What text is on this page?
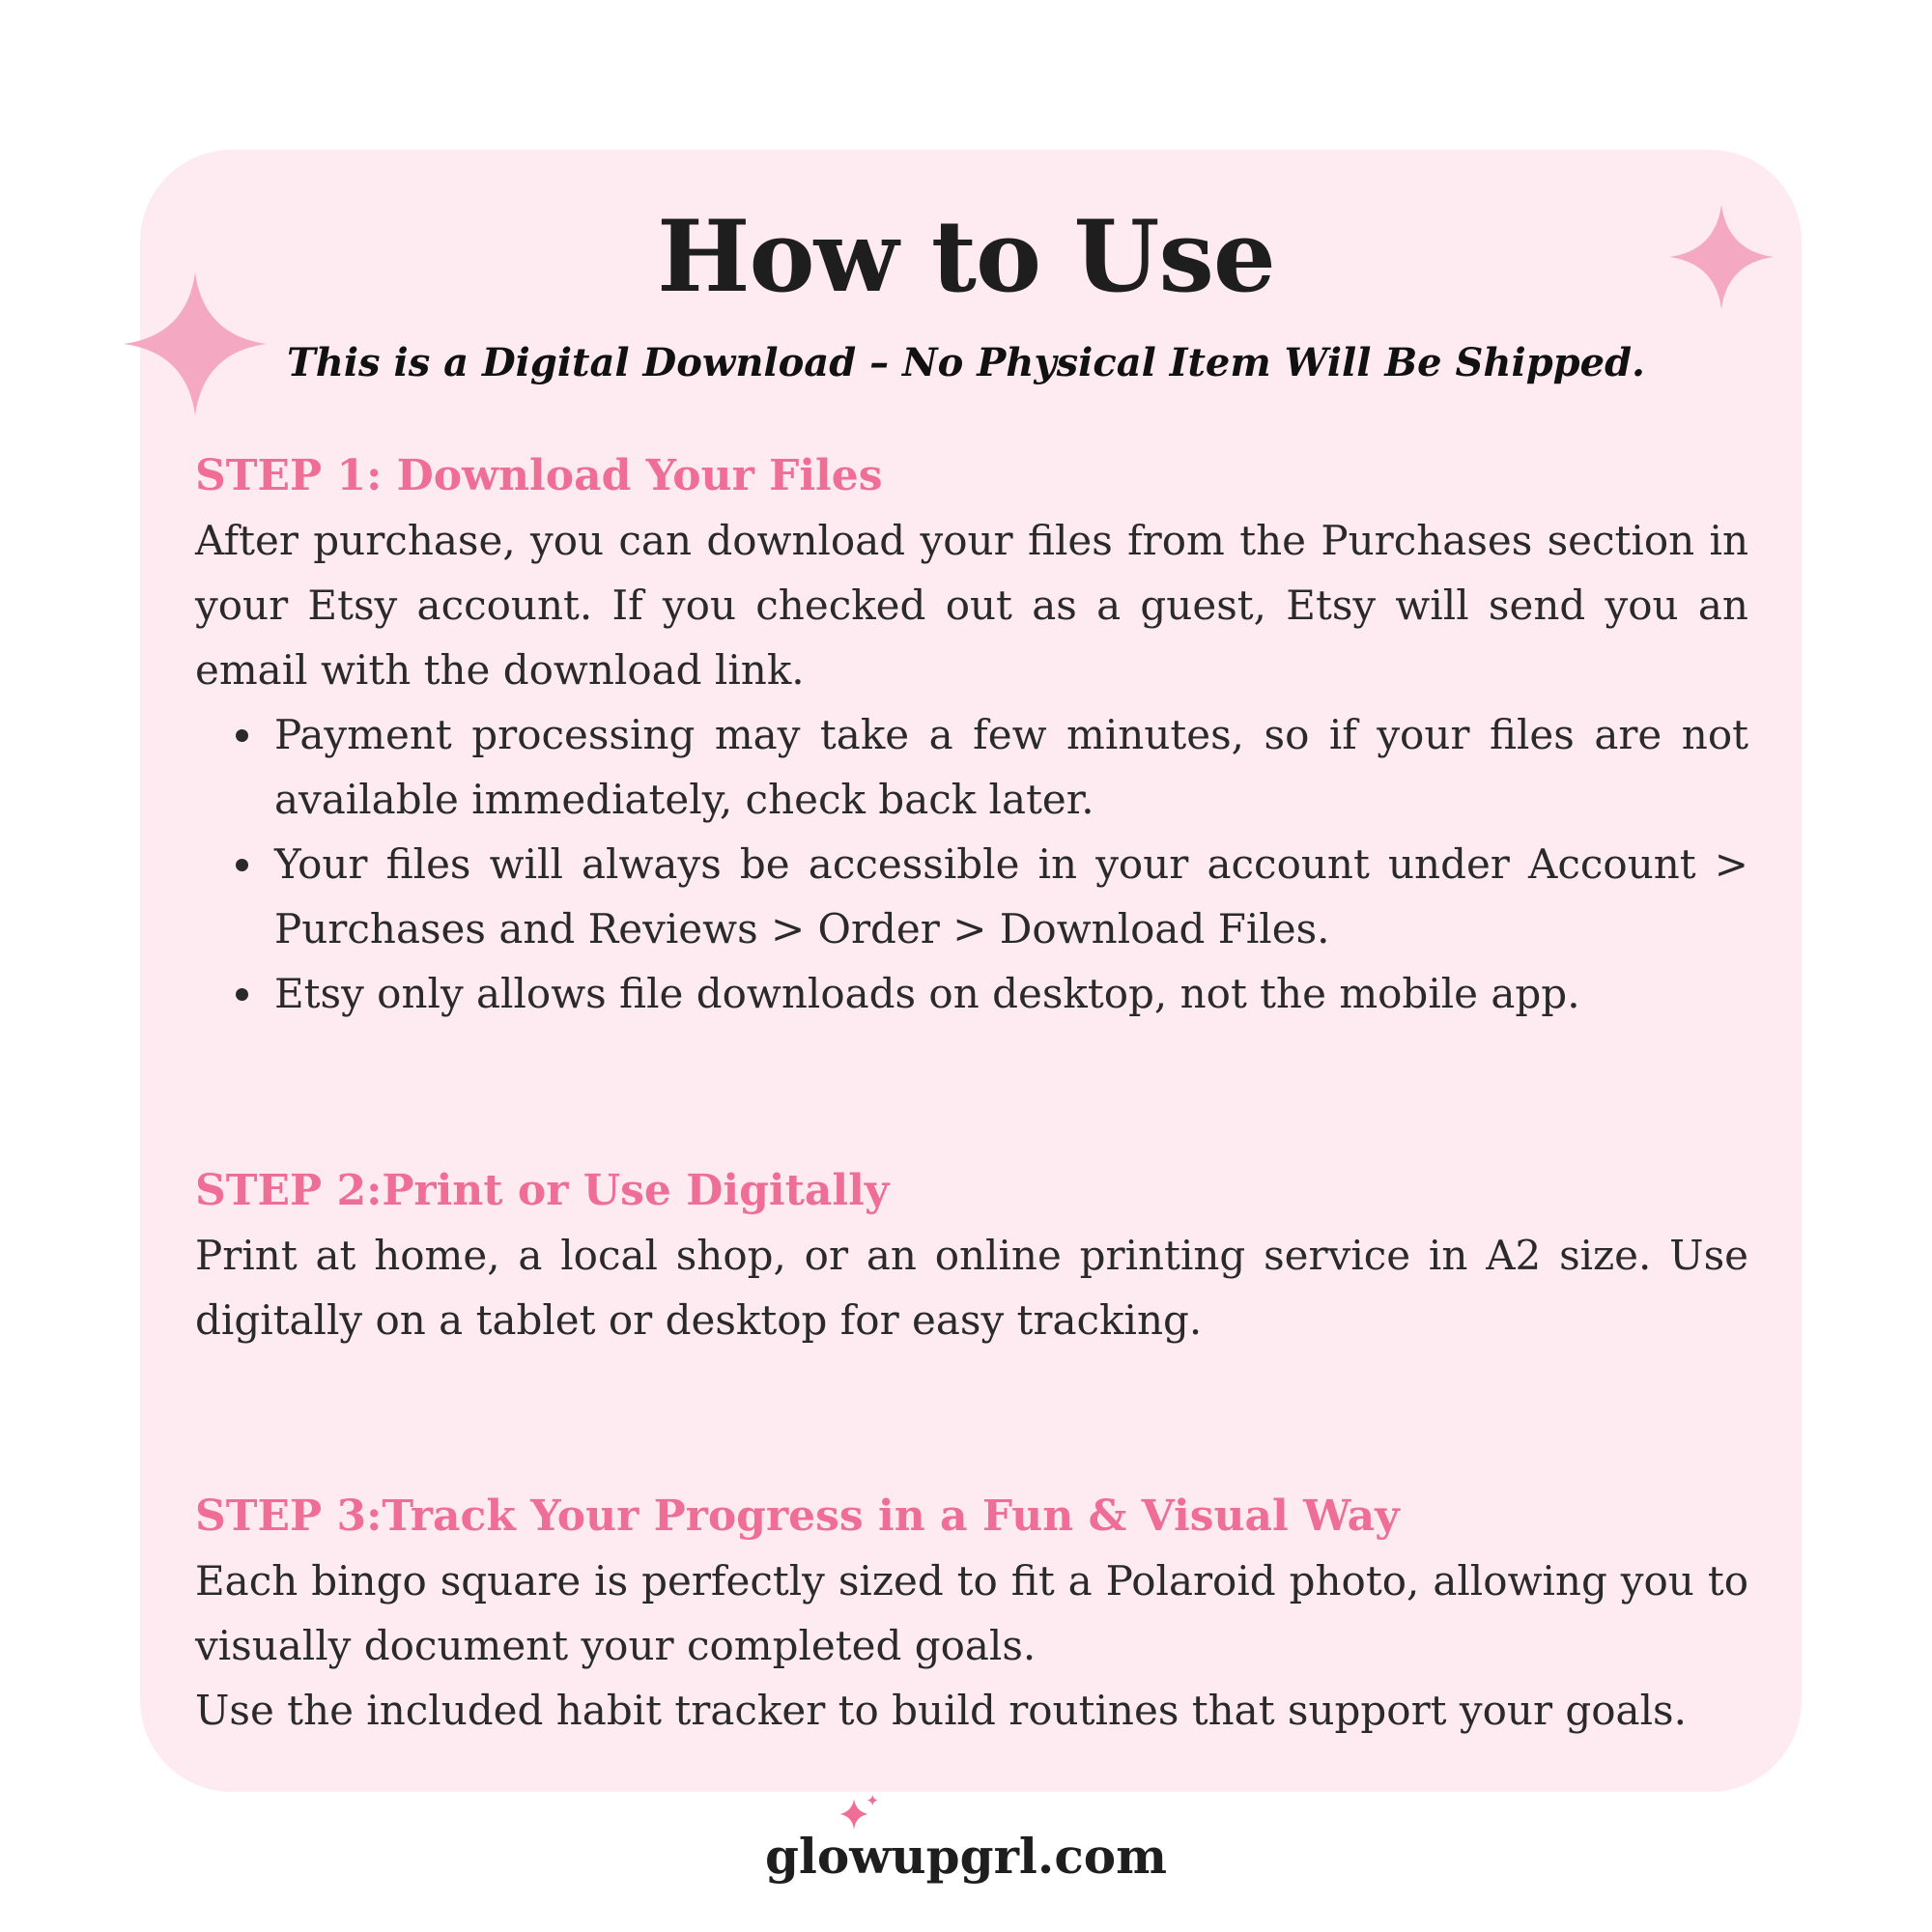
How to Use

This is a Digital Download – No Physical Item Will Be Shipped.

STEP 1: Download Your Files

After purchase, you can download your files from the Purchases section in your Etsy account. If you checked out as a guest, Etsy will send you an email with the download link.

Payment processing may take a few minutes, so if your files are not available immediately, check back later.
Your files will always be accessible in your account under Account > Purchases and Reviews > Order > Download Files.
Etsy only allows file downloads on desktop, not the mobile app.
STEP 2:Print or Use Digitally

Print at home, a local shop, or an online printing service in A2 size. Use digitally on a tablet or desktop for easy tracking.

STEP 3:Track Your Progress in a Fun & Visual Way

Each bingo square is perfectly sized to fit a Polaroid photo, allowing you to visually document your completed goals.

Use the included habit tracker to build routines that support your goals.

glowupgrl.com
